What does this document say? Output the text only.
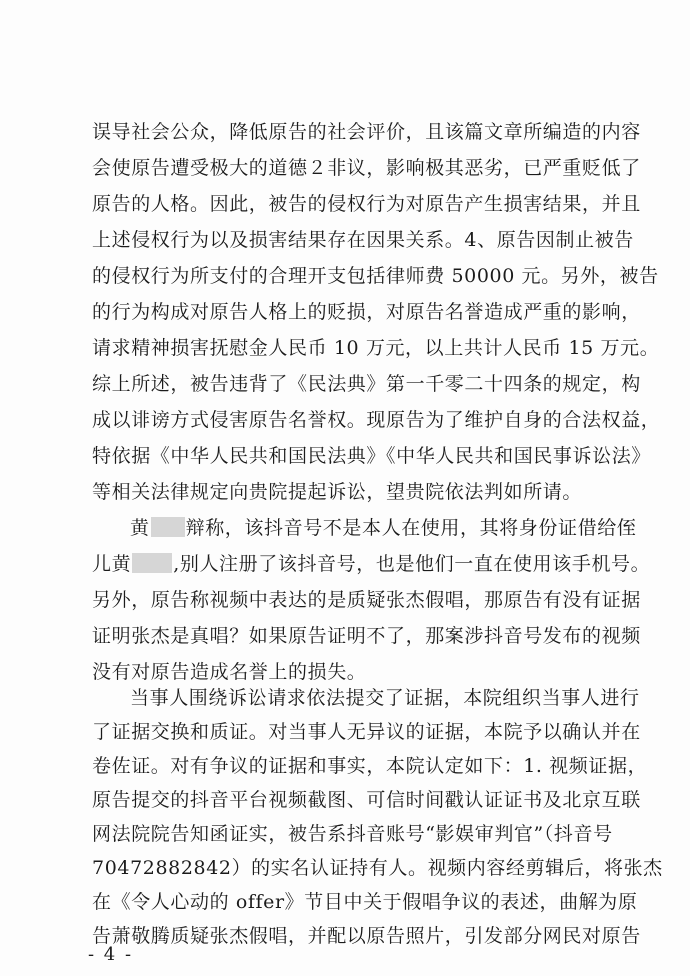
误导社会公众，降低原告的社会评价，且该篇文章所编造的内容
会使原告遭受极大的道德２非议，影响极其恶劣，已严重贬低了
原告的人格。因此，被告的侵权行为对原告产生损害结果，并且
上述侵权行为以及损害结果存在因果关系。4、原告因制止被告
的侵权行为所支付的合理开支包括律师费 50000 元。另外，被告
的行为构成对原告人格上的贬损，对原告名誉造成严重的影响，
请求精神损害抚慰金人民币 10 万元，以上共计人民币 15 万元。
综上所述，被告违背了《民法典》第一千零二十四条的规定，构
成以诽谤方式侵害原告名誉权。现原告为了维护自身的合法权益，
特依据《中华人民共和国民法典》《中华人民共和国民事诉讼法》
等相关法律规定向贵院提起诉讼，望贵院依法判如所请。
黄 辩称，该抖音号不是本人在使用，其将身份证借给侄
儿黄 ,别人注册了该抖音号，也是他们一直在使用该手机号。
另外，原告称视频中表达的是质疑张杰假唱，那原告有没有证据
证明张杰是真唱？如果原告证明不了，那案涉抖音号发布的视频
没有对原告造成名誉上的损失。
当事人围绕诉讼请求依法提交了证据，本院组织当事人进行
了证据交换和质证。对当事人无异议的证据，本院予以确认并在
卷佐证。对有争议的证据和事实，本院认定如下：1. 视频证据，
原告提交的抖音平台视频截图、可信时间戳认证证书及北京互联
网法院院告知函证实，被告系抖音账号“影娱审判官”（抖音号
70472882842）的实名认证持有人。视频内容经剪辑后，将张杰
在《令人心动的 offer》节目中关于假唱争议的表述，曲解为原
告萧敬腾质疑张杰假唱，并配以原告照片，引发部分网民对原告
- 4 -
